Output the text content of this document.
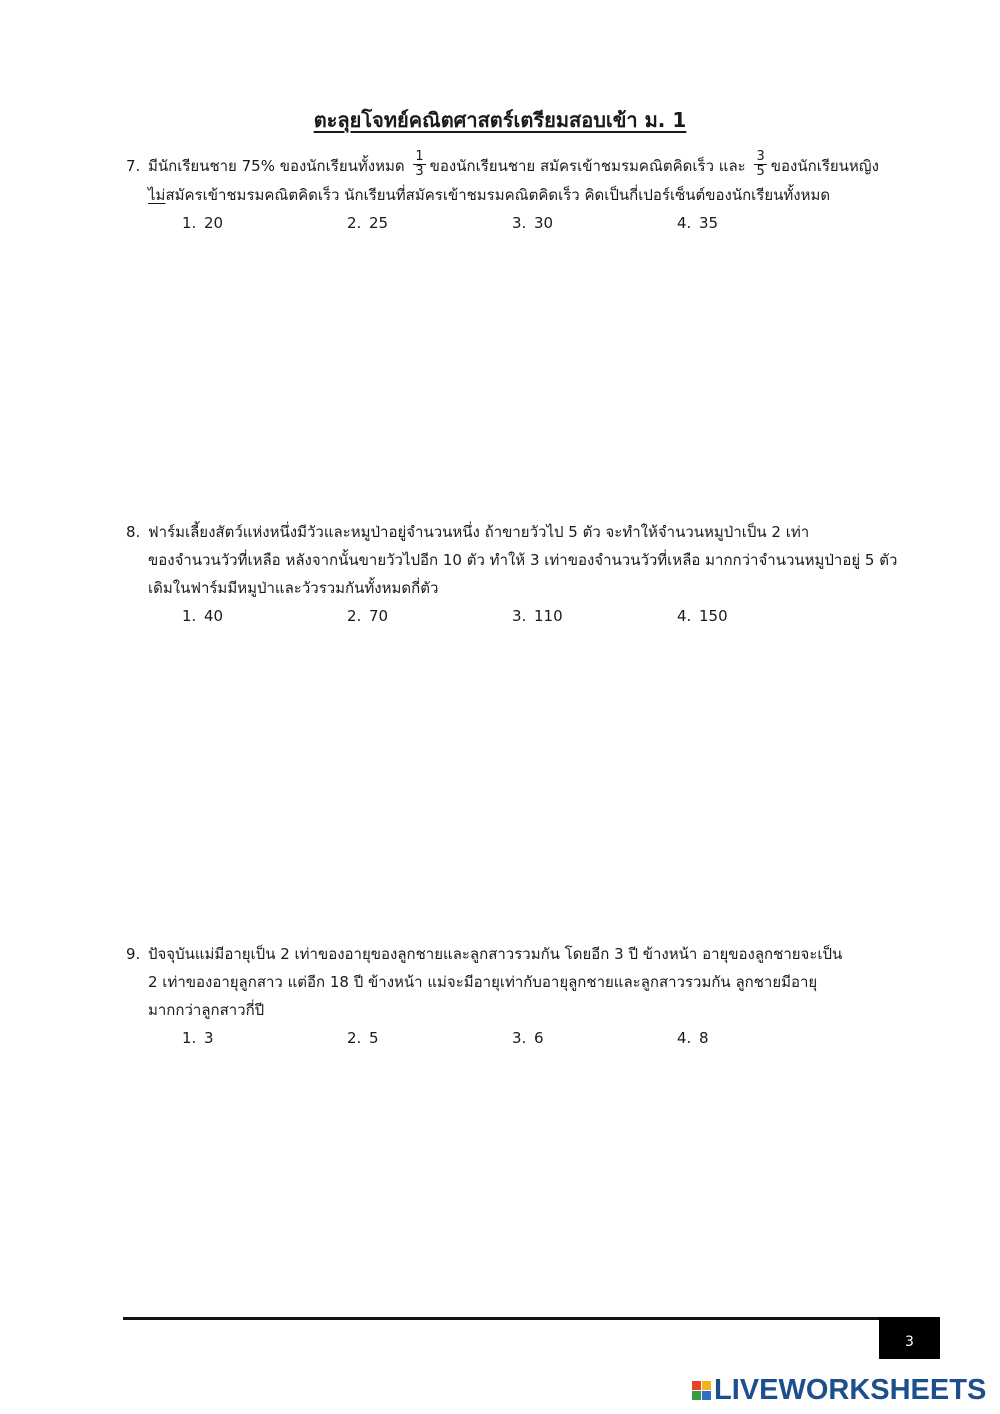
ตะลุยโจทย์คณิตศาสตร์เตรียมสอบเข้า ม. 1
7. มีนักเรียนชาย 75% ของนักเรียนทั้งหมด $\frac{1}{3}$ ของนักเรียนชาย สมัครเข้าชมรมคณิตคิดเร็ว และ $\frac{3}{5}$ ของนักเรียนหญิง
ไม่สมัครเข้าชมรมคณิตคิดเร็ว นักเรียนที่สมัครเข้าชมรมคณิตคิดเร็ว คิดเป็นกี่เปอร์เซ็นต์ของนักเรียนทั้งหมด
1. 20	2. 25	3. 30	4. 35
8. ฟาร์มเลี้ยงสัตว์แห่งหนึ่งมีวัวและหมูป่าอยู่จำนวนหนึ่ง ถ้าขายวัวไป 5 ตัว จะทำให้จำนวนหมูป่าเป็น 2 เท่า
ของจำนวนวัวที่เหลือ หลังจากนั้นขายวัวไปอีก 10 ตัว ทำให้ 3 เท่าของจำนวนวัวที่เหลือ มากกว่าจำนวนหมูป่าอยู่ 5 ตัว
เดิมในฟาร์มมีหมูป่าและวัวรวมกันทั้งหมดกี่ตัว
1. 40	2. 70	3. 110	4. 150
9. ปัจจุบันแม่มีอายุเป็น 2 เท่าของอายุของลูกชายและลูกสาวรวมกัน โดยอีก 3 ปี ข้างหน้า อายุของลูกชายจะเป็น
2 เท่าของอายุลูกสาว แต่อีก 18 ปี ข้างหน้า แม่จะมีอายุเท่ากับอายุลูกชายและลูกสาวรวมกัน ลูกชายมีอายุ
มากกว่าลูกสาวกี่ปี
1. 3	2. 5	3. 6	4. 8
3
LIVEWORKSHEETS
